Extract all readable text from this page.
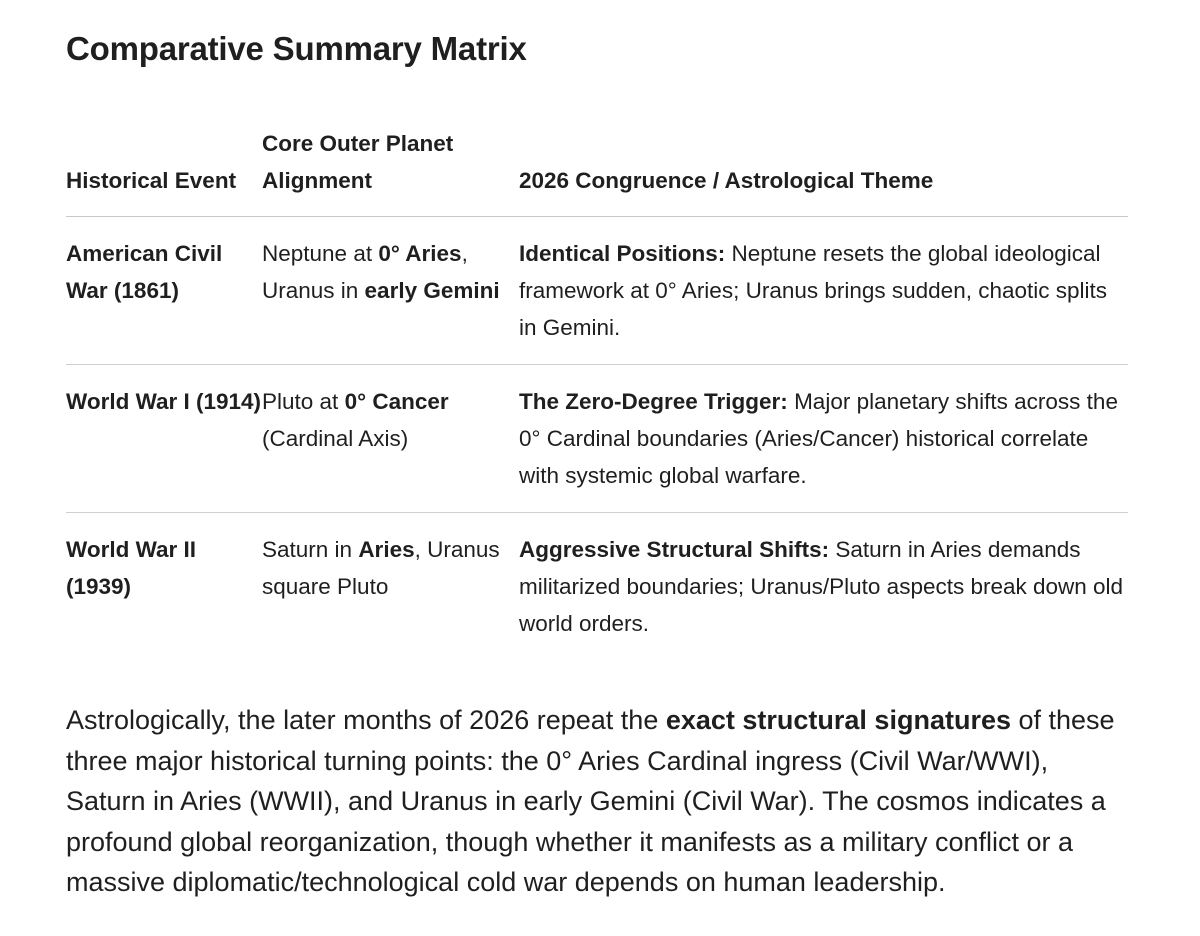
Comparative Summary Matrix
Historical Event	Core Outer Planet Alignment	2026 Congruence / Astrological Theme
American Civil War (1861)	Neptune at 0° Aries, Uranus in early Gemini	Identical Positions: Neptune resets the global ideological framework at 0° Aries; Uranus brings sudden, chaotic splits in Gemini.
World War I (1914)	Pluto at 0° Cancer (Cardinal Axis)	The Zero-Degree Trigger: Major planetary shifts across the 0° Cardinal boundaries (Aries/Cancer) historical correlate with systemic global warfare.
World War II (1939)	Saturn in Aries, Uranus square Pluto	Aggressive Structural Shifts: Saturn in Aries demands militarized boundaries; Uranus/Pluto aspects break down old world orders.

Astrologically, the later months of 2026 repeat the exact structural signatures of these three major historical turning points: the 0° Aries Cardinal ingress (Civil War/WWI), Saturn in Aries (WWII), and Uranus in early Gemini (Civil War). The cosmos indicates a profound global reorganization, though whether it manifests as a military conflict or a massive diplomatic/technological cold war depends on human leadership.
